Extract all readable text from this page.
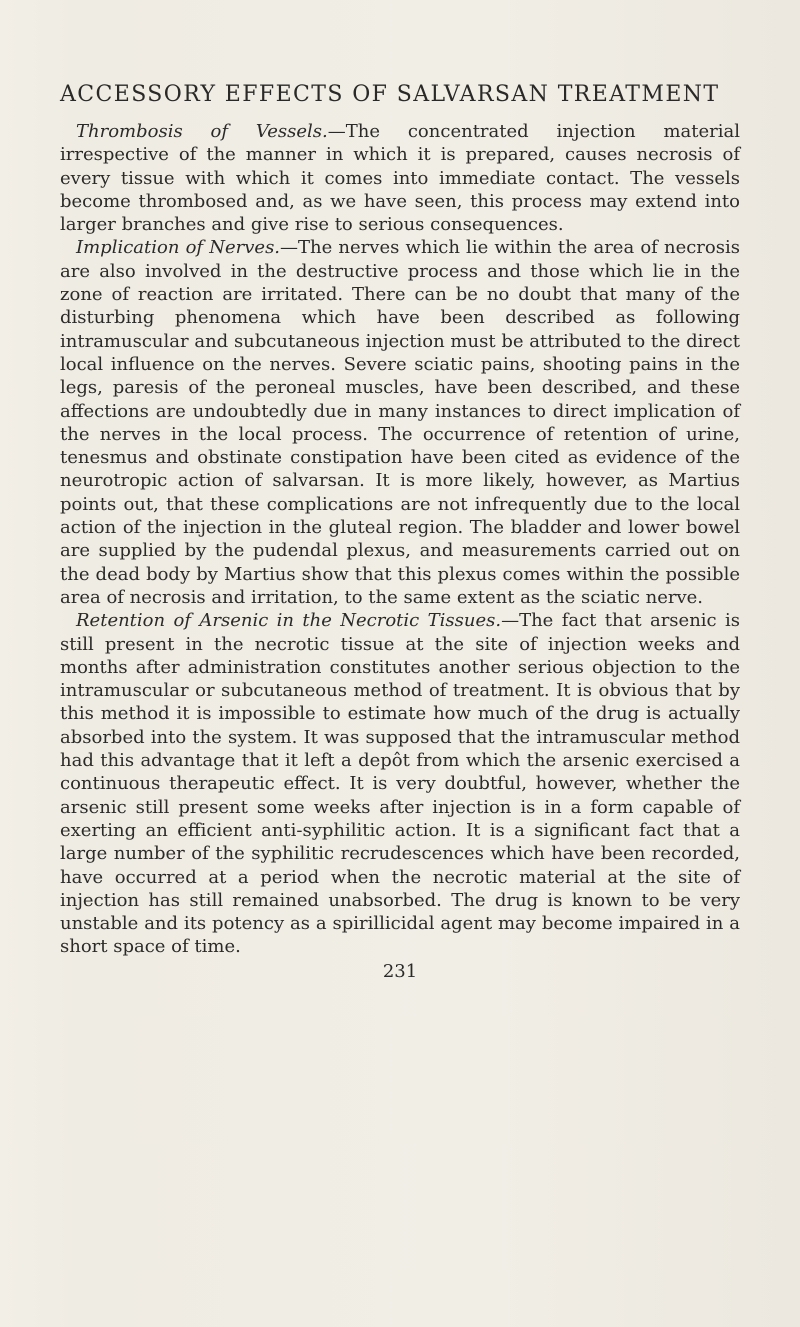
ACCESSORY EFFECTS OF SALVARSAN TREATMENT

Thrombosis of Vessels.—The concentrated injection material irrespective of the manner in which it is prepared, causes necrosis of every tissue with which it comes into immediate contact. The vessels become thrombosed and, as we have seen, this process may extend into larger branches and give rise to serious consequences.

Implication of Nerves.—The nerves which lie within the area of necrosis are also involved in the destructive process and those which lie in the zone of reaction are irritated. There can be no doubt that many of the disturbing phenomena which have been described as following intramuscular and subcutaneous injection must be attributed to the direct local influence on the nerves. Severe sciatic pains, shooting pains in the legs, paresis of the peroneal muscles, have been described, and these affections are undoubtedly due in many instances to direct implication of the nerves in the local process. The occurrence of retention of urine, tenesmus and obstinate constipation have been cited as evidence of the neurotropic action of salvarsan. It is more likely, however, as Martius points out, that these complications are not infrequently due to the local action of the injection in the gluteal region. The bladder and lower bowel are supplied by the pudendal plexus, and measurements carried out on the dead body by Martius show that this plexus comes within the possible area of necrosis and irritation, to the same extent as the sciatic nerve.

Retention of Arsenic in the Necrotic Tissues.—The fact that arsenic is still present in the necrotic tissue at the site of injection weeks and months after administration constitutes another serious objection to the intramuscular or subcutaneous method of treatment. It is obvious that by this method it is impossible to estimate how much of the drug is actually absorbed into the system. It was supposed that the intramuscular method had this advantage that it left a depôt from which the arsenic exercised a continuous therapeutic effect. It is very doubtful, however, whether the arsenic still present some weeks after injection is in a form capable of exerting an efficient anti-syphilitic action. It is a significant fact that a large number of the syphilitic recrudescences which have been recorded, have occurred at a period when the necrotic material at the site of injection has still remained unabsorbed. The drug is known to be very unstable and its potency as a spirillicidal agent may become impaired in a short space of time.

231
